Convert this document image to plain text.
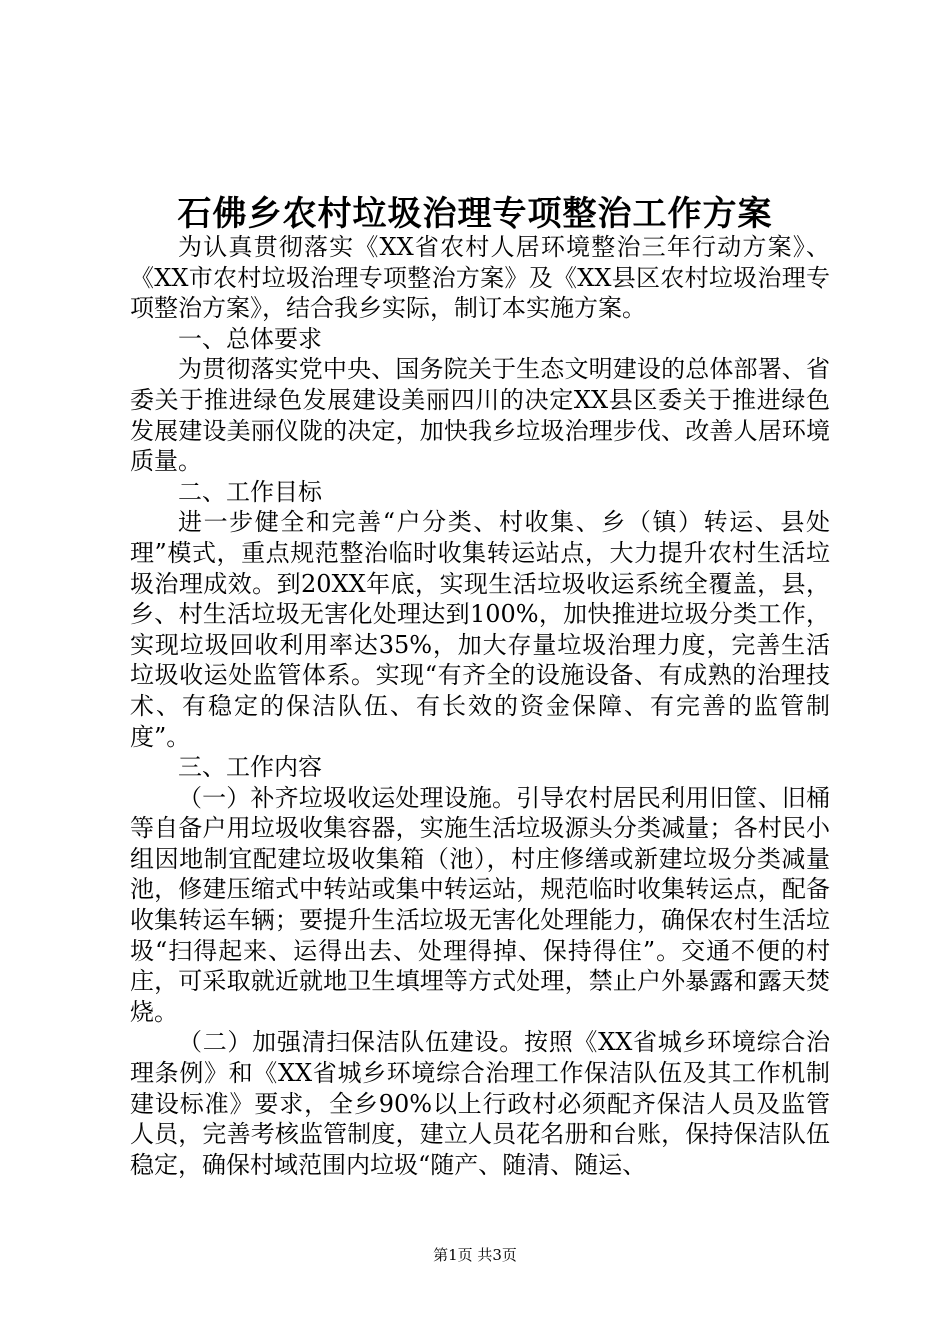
石佛乡农村垃圾治理专项整治工作方案

为认真贯彻落实《XX省农村人居环境整治三年行动方案》、《XX市农村垃圾治理专项整治方案》及《XX县区农村垃圾治理专项整治方案》，结合我乡实际，制订本实施方案。

一、总体要求

为贯彻落实党中央、国务院关于生态文明建设的总体部署、省委关于推进绿色发展建设美丽四川的决定XX县区委关于推进绿色发展建设美丽仪陇的决定，加快我乡垃圾治理步伐、改善人居环境质量。

二、工作目标

进一步健全和完善“户分类、村收集、乡（镇）转运、县处理”模式，重点规范整治临时收集转运站点，大力提升农村生活垃圾治理成效。到20XX年底，实现生活垃圾收运系统全覆盖，县，乡、村生活垃圾无害化处理达到100%，加快推进垃圾分类工作，实现垃圾回收利用率达35%，加大存量垃圾治理力度，完善生活垃圾收运处监管体系。实现“有齐全的设施设备、有成熟的治理技术、有稳定的保洁队伍、有长效的资金保障、有完善的监管制度”。

三、工作内容

（一）补齐垃圾收运处理设施。引导农村居民利用旧筐、旧桶等自备户用垃圾收集容器，实施生活垃圾源头分类减量；各村民小组因地制宜配建垃圾收集箱（池），村庄修缮或新建垃圾分类减量池，修建压缩式中转站或集中转运站，规范临时收集转运点，配备收集转运车辆；要提升生活垃圾无害化处理能力，确保农村生活垃圾“扫得起来、运得出去、处理得掉、保持得住”。交通不便的村庄，可采取就近就地卫生填埋等方式处理，禁止户外暴露和露天焚烧。

（二）加强清扫保洁队伍建设。按照《XX省城乡环境综合治理条例》和《XX省城乡环境综合治理工作保洁队伍及其工作机制建设标准》要求，全乡90%以上行政村必须配齐保洁人员及监管人员，完善考核监管制度，建立人员花名册和台账，保持保洁队伍稳定，确保村域范围内垃圾“随产、随清、随运、

第1页 共3页
